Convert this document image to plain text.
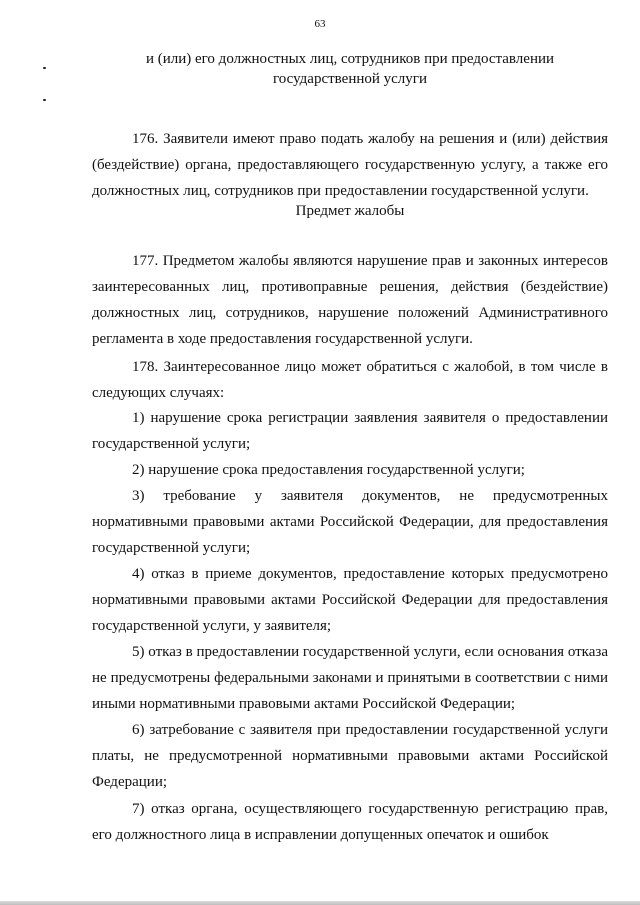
63
и (или) его должностных лиц, сотрудников при предоставлении государственной услуги

176. Заявители имеют право подать жалобу на решения и (или) действия (бездействие) органа, предоставляющего государственную услугу, а также его должностных лиц, сотрудников при предоставлении государственной услуги.

Предмет жалобы

177. Предметом жалобы являются нарушение прав и законных интересов заинтересованных лиц, противоправные решения, действия (бездействие) должностных лиц, сотрудников, нарушение положений Административного регламента в ходе предоставления государственной услуги.

178. Заинтересованное лицо может обратиться с жалобой, в том числе в следующих случаях:

1) нарушение срока регистрации заявления заявителя о предоставлении государственной услуги;

2) нарушение срока предоставления государственной услуги;

3) требование у заявителя документов, не предусмотренных нормативными правовыми актами Российской Федерации, для предоставления государственной услуги;

4) отказ в приеме документов, предоставление которых предусмотрено нормативными правовыми актами Российской Федерации для предоставления государственной услуги, у заявителя;

5) отказ в предоставлении государственной услуги, если основания отказа не предусмотрены федеральными законами и принятыми в соответствии с ними иными нормативными правовыми актами Российской Федерации;

6) затребование с заявителя при предоставлении государственной услуги платы, не предусмотренной нормативными правовыми актами Российской Федерации;

7) отказ органа, осуществляющего государственную регистрацию прав, его должностного лица в исправлении допущенных опечаток и ошибок
